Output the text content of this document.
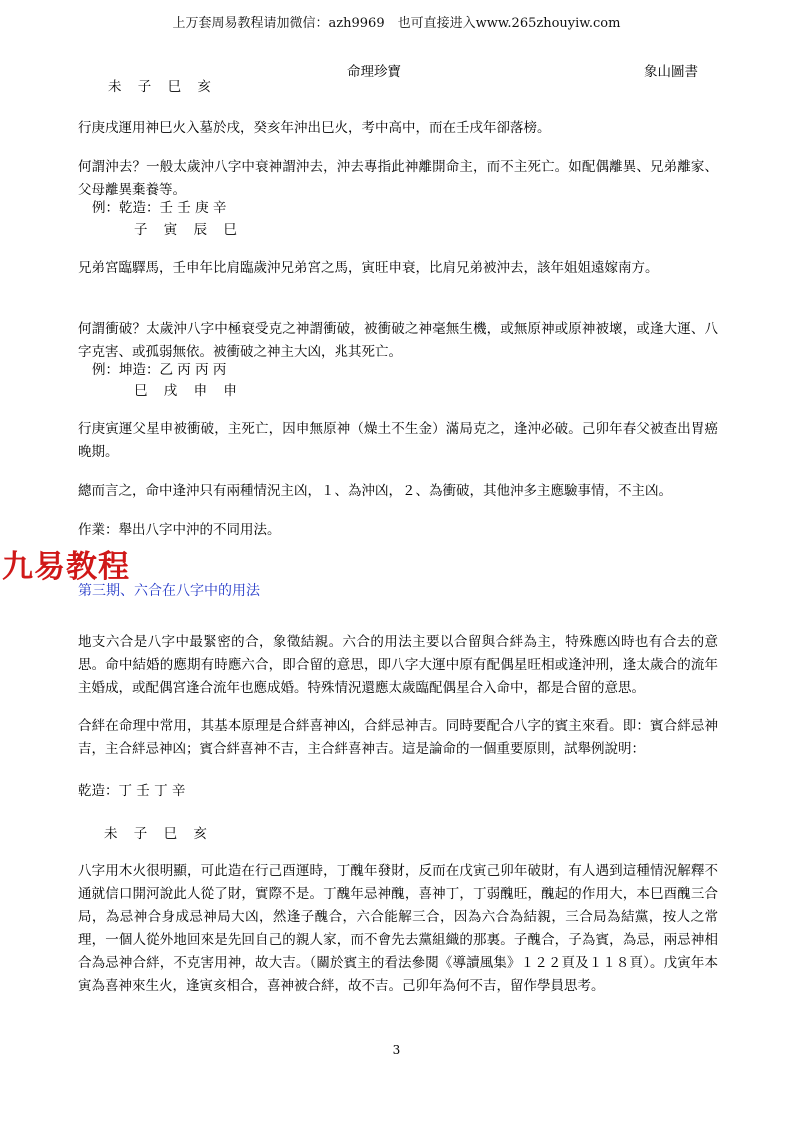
上万套周易教程请加微信：azh9969　也可直接进入www.265zhouyiw.com
命理珍寶	象山圖書
未 子 巳 亥
行庚戌運用神巳火入墓於戌，癸亥年沖出巳火，考中高中，而在壬戌年卻落榜。
何謂沖去？一般太歲沖八字中衰神謂沖去，沖去專指此神離開命主，而不主死亡。如配偶離異、兄弟離家、父母離異棄養等。
例：乾造：壬 壬 庚 辛
子 寅 辰 巳
兄弟宮臨驛馬，壬申年比肩臨歲沖兄弟宮之馬，寅旺申衰，比肩兄弟被沖去，該年姐姐遠嫁南方。
何謂衝破？太歲沖八字中極衰受克之神謂衝破，被衝破之神毫無生機，或無原神或原神被壞，或逢大運、八字克害、或孤弱無依。被衝破之神主大凶，兆其死亡。
例：坤造：乙 丙 丙 丙
巳 戌 申 申
行庚寅運父星申被衝破，主死亡，因申無原神（燥土不生金）滿局克之，逢沖必破。己卯年春父被查出胃癌晚期。
總而言之，命中逢沖只有兩種情況主凶，１、為沖凶，２、為衝破，其他沖多主應驗事情，不主凶。
作業：舉出八字中沖的不同用法。
九易教程
第三期、六合在八字中的用法
地支六合是八字中最緊密的合，象徵結親。六合的用法主要以合留與合絆為主，特殊應凶時也有合去的意思。命中結婚的應期有時應六合，即合留的意思，即八字大運中原有配偶星旺相或逢沖刑，逢太歲合的流年主婚成，或配偶宮逢合流年也應成婚。特殊情況還應太歲臨配偶星合入命中，都是合留的意思。
合絆在命理中常用，其基本原理是合絆喜神凶，合絆忌神吉。同時要配合八字的賓主來看。即：賓合絆忌神吉，主合絆忌神凶；賓合絆喜神不吉，主合絆喜神吉。這是論命的一個重要原則，試舉例說明：
乾造：丁 壬 丁 辛
未 子 巳 亥
八字用木火很明顯，可此造在行己酉運時，丁醜年發財，反而在戊寅己卯年破財，有人遇到這種情況解釋不通就信口開河說此人從了財，實際不是。丁醜年忌神醜，喜神丁，丁弱醜旺，醜起的作用大，本巳酉醜三合局，為忌神合身成忌神局大凶，然逢子醜合，六合能解三合，因為六合為結親，三合局為結黨，按人之常理，一個人從外地回來是先回自己的親人家，而不會先去黨組織的那裏。子醜合，子為賓，為忌，兩忌神相合為忌神合絆，不克害用神，故大吉。（關於賓主的看法參閱《導讀風集》１２２頁及１１８頁）。戊寅年本寅為喜神來生火，逢寅亥相合，喜神被合絆，故不吉。己卯年為何不吉，留作學員思考。
3
